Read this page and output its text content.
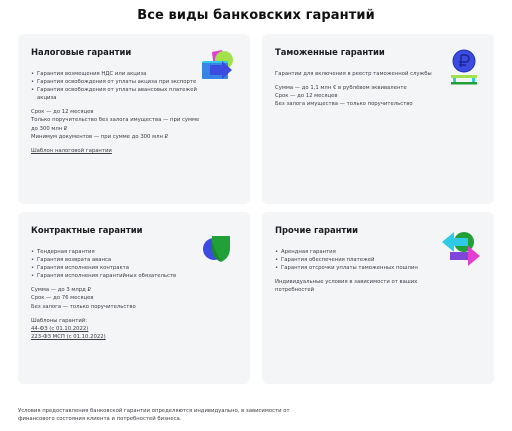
Все виды банковских гарантий
Налоговые гарантии
• Гарантия возмещения НДС или акциза
• Гарантия освобождения от уплаты акциза при экспорте
• Гарантия освобождения от уплаты авансовых платежей акциза
Срок — до 12 месяцев
Только поручительство без залога имущества — при сумме до 300 млн ₽
Минимум документов — при сумме до 300 млн ₽
Шаблон налоговой гарантии
Таможенные гарантии
Гарантии для включения в реестр таможенной службы
Сумма — до 1,1 млн € в рублёвом эквиваленте
Срок — до 12 месяцев
Без залога имущества — только поручительство
Контрактные гарантии
• Тендерная гарантия
• Гарантия возврата аванса
• Гарантия исполнения контракта
• Гарантия исполнения гарантийных обязательств
Сумма — до 3 млрд ₽
Срок — до 76 месяцев
Без залога — только поручительство
Шаблоны гарантий:
44-ФЗ (с 01.10.2022)
223-ФЗ МСП (с 01.10.2022)
Прочие гарантии
• Арендная гарантия
• Гарантия обеспечения платежей
• Гарантия отсрочки уплаты таможенных пошлин
Индивидуальные условия в зависимости от ваших потребностей
Условия предоставления банковской гарантии определяются индивидуально, в зависимости от финансового состояния клиента и потребностей бизнеса.
